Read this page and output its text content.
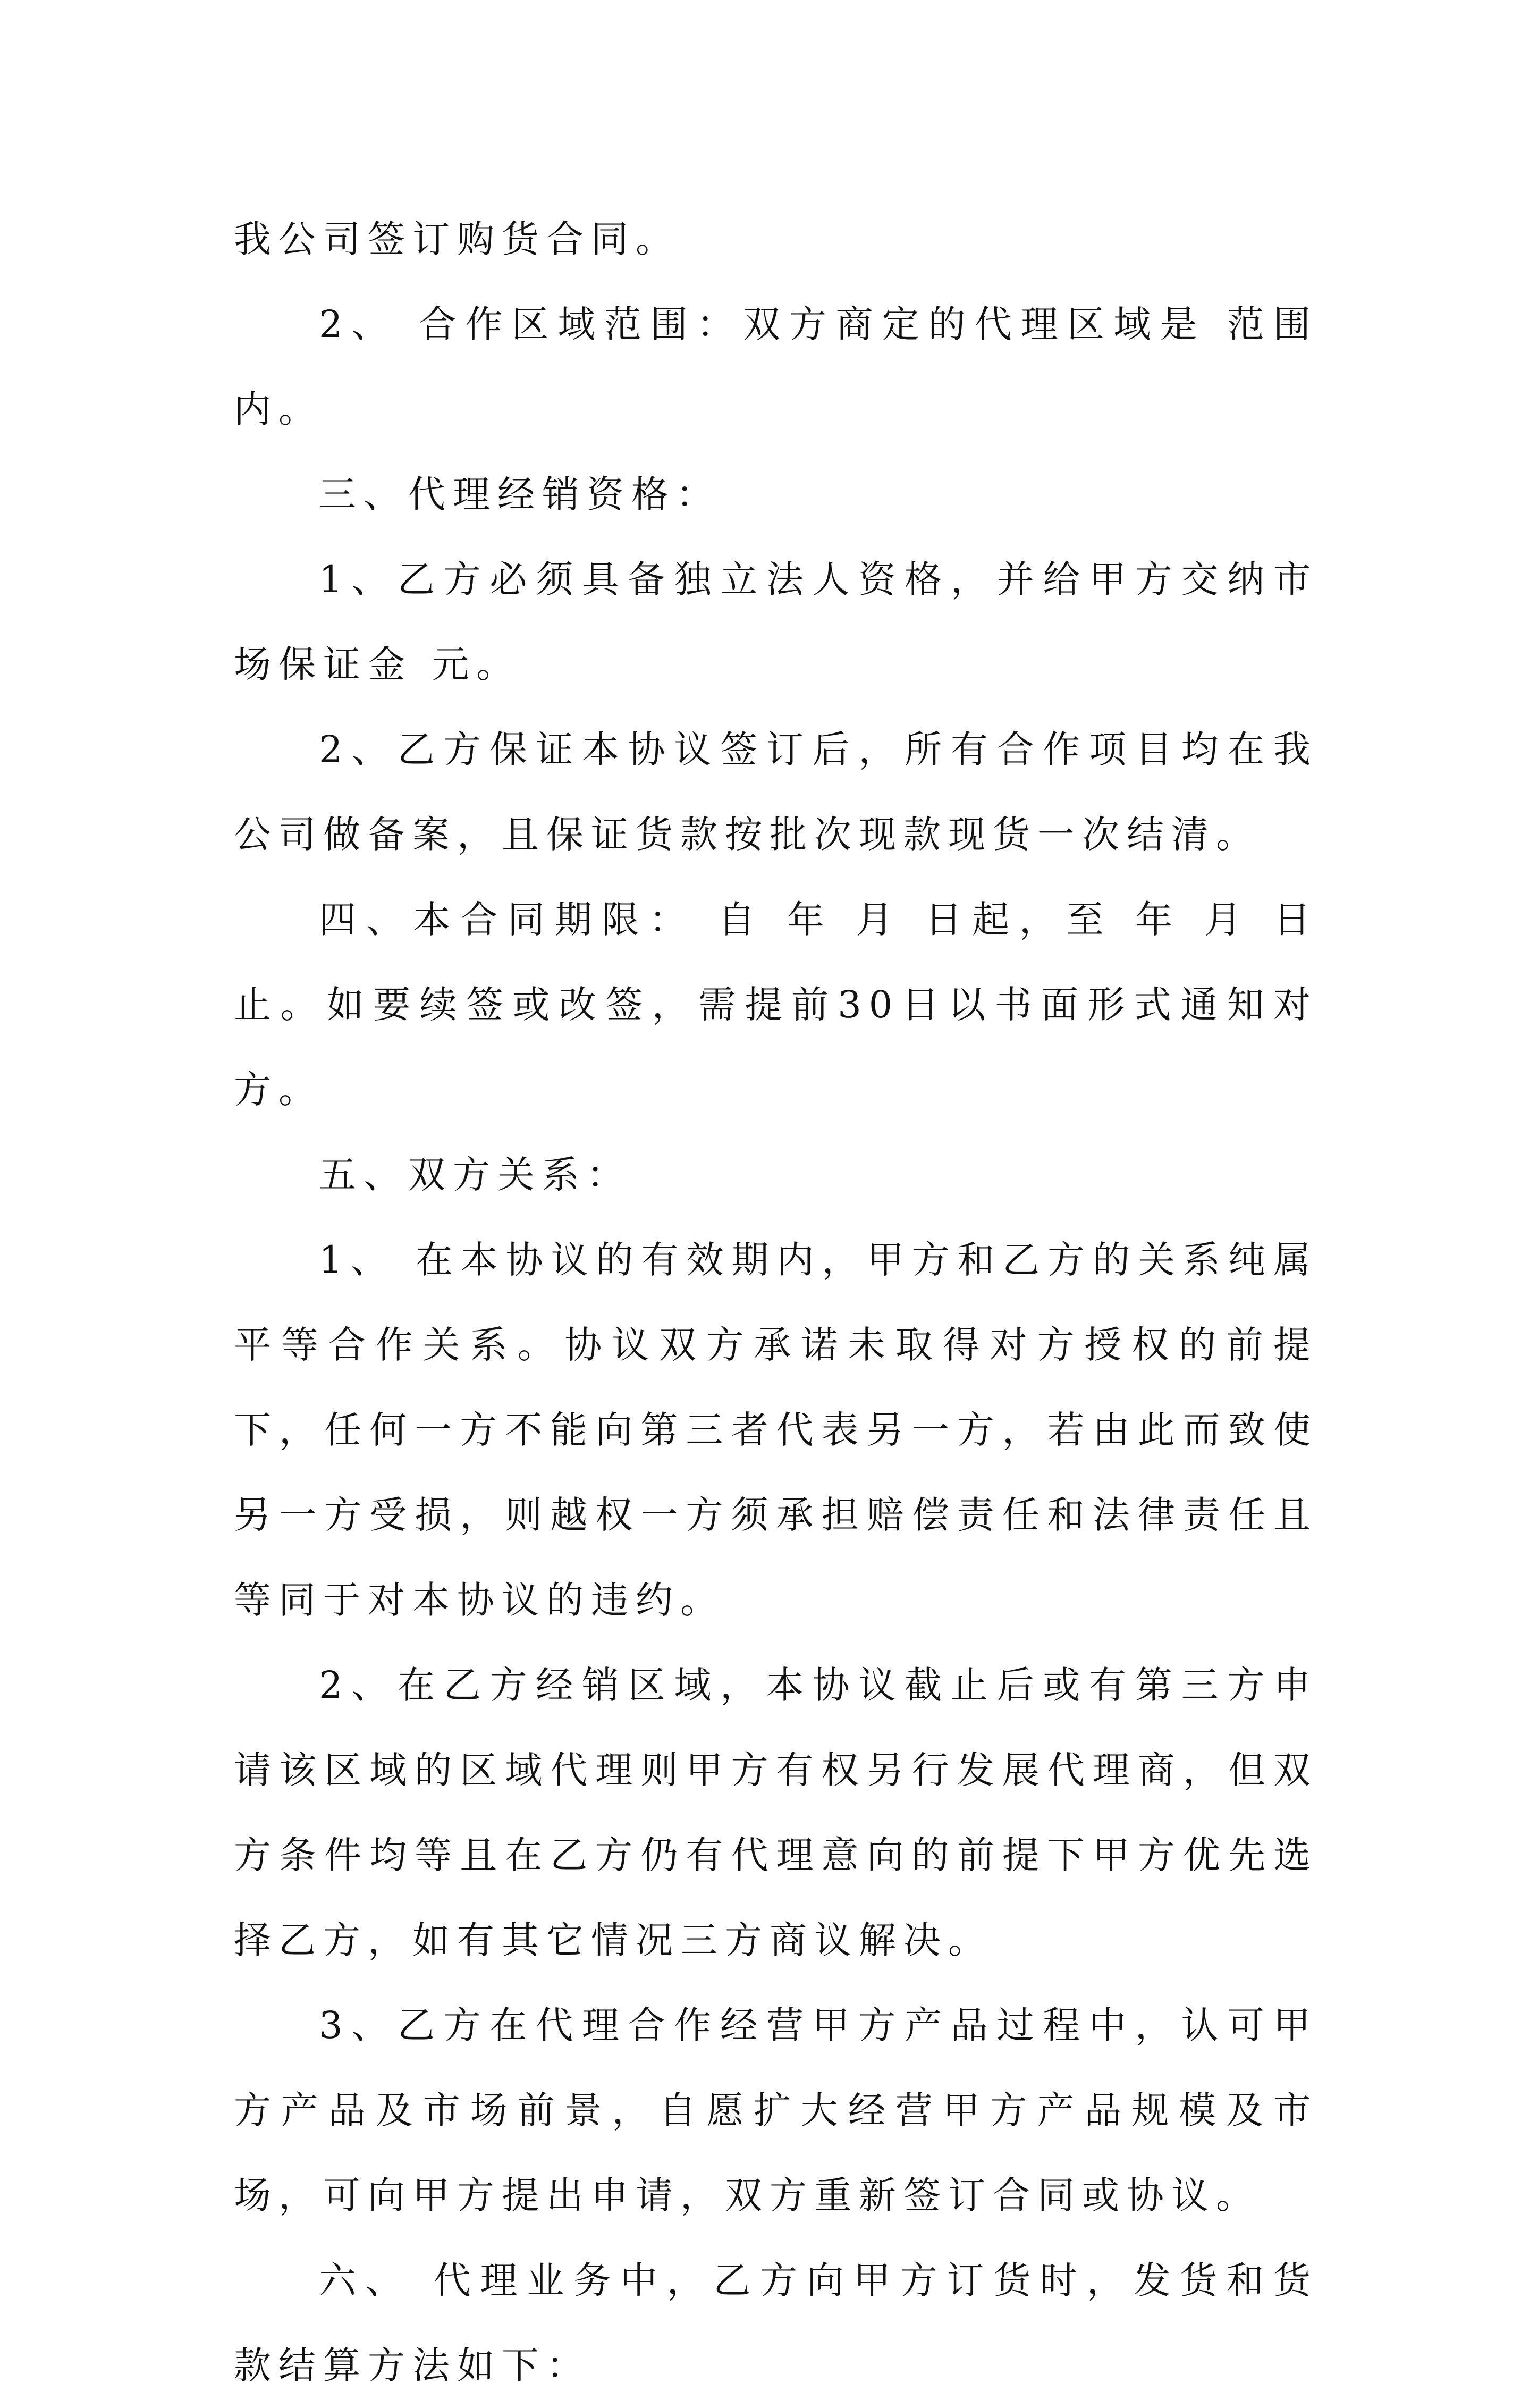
我公司签订购货合同。

2、 合作区域范围：双方商定的代理区域是 范围内。

三、代理经销资格：

1、乙方必须具备独立法人资格，并给甲方交纳市场保证金 元。

2、乙方保证本协议签订后，所有合作项目均在我公司做备案，且保证货款按批次现款现货一次结清。

四、本合同期限： 自 年 月 日起，至 年 月 日止。如要续签或改签，需提前30日以书面形式通知对方。

五、双方关系：

1、 在本协议的有效期内，甲方和乙方的关系纯属平等合作关系。协议双方承诺未取得对方授权的前提下，任何一方不能向第三者代表另一方，若由此而致使另一方受损，则越权一方须承担赔偿责任和法律责任且等同于对本协议的违约。

2、在乙方经销区域，本协议截止后或有第三方申请该区域的区域代理则甲方有权另行发展代理商，但双方条件均等且在乙方仍有代理意向的前提下甲方优先选择乙方，如有其它情况三方商议解决。

3、乙方在代理合作经营甲方产品过程中，认可甲方产品及市场前景，自愿扩大经营甲方产品规模及市场，可向甲方提出申请，双方重新签订合同或协议。

六、 代理业务中，乙方向甲方订货时，发货和货款结算方法如下：
